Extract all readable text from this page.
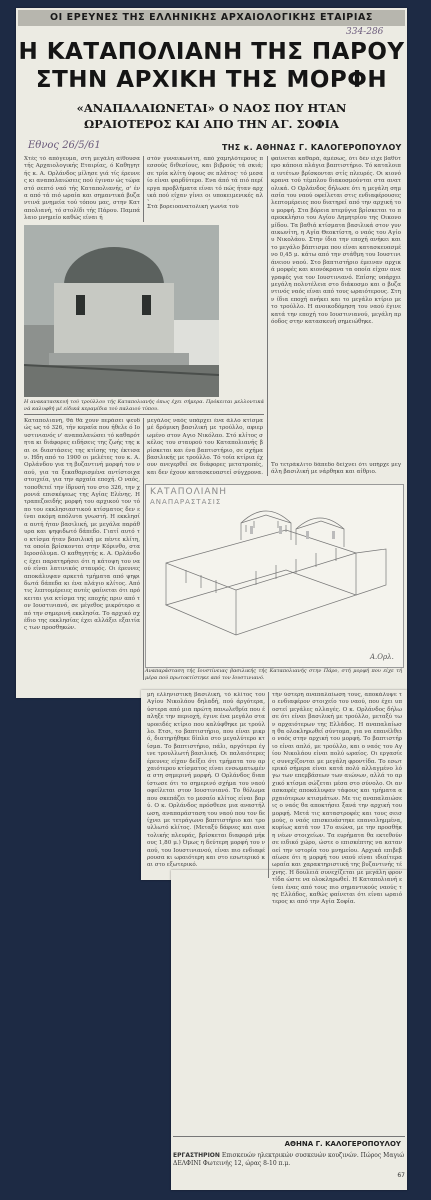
ΟΙ ΕΡΕΥΝΕΣ ΤΗΣ ΕΛΛΗΝΙΚΗΣ ΑΡΧΑΙΟΛΟΓΙΚΗΣ ΕΤΑΙΡΙΑΣ
334-286
Η ΚΑΤΑΠΟΛΙΑΝΗ ΤΗΣ ΠΑΡΟΥ
ΣΤΗΝ ΑΡΧΙΚΗ ΤΗΣ ΜΟΡΦΗ
«ΑΝΑΠΑΛΑΙΩΝΕΤΑΙ» Ο ΝΑΟΣ ΠΟΥ ΗΤΑΝ
ΩΡΑΙΟΤΕΡΟΣ ΚΑΙ ΑΠΟ ΤΗΝ ΑΓ. ΣΟΦΙΑ
Εθνος 26/5/61	ΤΗΣ κ. ΑΘΗΝΑΣ Γ. ΚΑΛΟΓΕΡΟΠΟΥΛΟΥ
Χτές τό απόγευμα, στή μεγάλη αίθουσα τής Αρχαιολογικής Εταιρίας, ό Καθηγητής κ. Α. Ορλάνδος μίλησε γιά τίς έρευνες κι αναπαλαιώσεις πού έγιναν ώς τώρα στό σεπτό ναό τής Καταπολιανής, σ' ένα από τά πιό ωραία και σημαντικά βυζαντινά μνημεία τού τόπου μας, στην Καταπολιανή, τό στολίδι τής Πάρου. Παμπάλαιο μνημείο καθώς είναι ή
στόν γυναικωνίτη, από χαμηλότερους πεσσούς διθεσίους, και βιβρούς τά σκιά; σε τρία κλίτη ύψους σε πλάτος· τό μεσαίο είναι φαρδύτερο. Ενα άπό τά πιό περίεργα προβλήματα είναι τό πώς ήταν αρχικά πού είχαν γίνει οι υποκειμενικές αλ
Στά βορειοανατολική γωνία τού
φαίνεται καθαρά, άμέσως, ότι δέν είχε βαθύτερο κάποια πλάγια βαπτιστήριο. Τό καταλοιπα ιυτέτων βρίσκονται στίς πλευρές. Οι κιονόκρανα τού τέμπλου διακοσμούνται στα ανατολικά. Ο Ορλάνδος δήλωσε ότι η μεγάλη σημασία του ναού οφείλεται στις ενδιαφέρουσες λεπτομέρειες που διατηρεί από την αρχική του μορφή. Στα βόρεια πτερύγια βρίσκεται το παρεκκλήσιο του Αγίου Δημητρίου της Οικονομίδου. Τα βαθιά κτίσματα βασιλικά στον γυναικωνίτη, η Αγία Θεοκτίστη, ο ναός του Αγίου Νικολάου. Στην ίδια την εποχή ανήκει και το μεγάλο βάπτισμα που είναι κατασκευασμένο 0,45 μ. κάτω από την στάθμη του Ιουστινιάνειου ναού. Στο βαπτιστήριο έμειναν αρχικά μορφές και κιονόκρανα τα οποία είχαν αναγραφές για τον Ιουστινιανό. Επίσης υπάρχει μεγάλη πολυτέλεια στο διάκοσμο και ο βυζαντινός ναός είναι από τους ωραιότερους. Στην ίδια εποχή ανήκει και το μεγάλο κτίριο με το τρούλλο. Η ανοικοδόμηση του ναού έγινε κατά την εποχή του Ιουστινιανού, μεγάλη πρόοδος στην κατασκευή σημειώθηκε.
Η ανακατασκευή τού τρούλλου τής Καταπολιανής όπως έχει σήμερα. Πρόκειται μελλοντικά νά καλυφθή μέ είδικά κεραμίδια τού παλαιού τύπου.
Καταπολιανή, θά θά χουν περάσει ψευδώς ως τό 326, τήν κεραία που ήθελε ό Ιουστινιανός ν' αναπαλαιώσει τό καθαρότητα κι διάφορες ειδήσεις της ζωής της και οι διαστάσεις της κτίσης της έκτισαν. Ηδη από το 1900 οι μελέτες του κ. Α. Ορλάνδου για τη βυζαντινή μορφή του ναού, για τα ξεκαθαρισμένα αντίστοιχα στοιχεία, για την αρχαία εποχή. Ο ναός, τοποθετεί την ίδρυσή του στο 326, την χρονιά επισκέψεως της Αγίας Ελένης. Η τραπεζοειδής μορφή του αρχικού τον τόπο του εκκλησιαστικού κτίσματος δεν είναι ακόμη απόλυτα γνωστή. Η εκκλησία αυτή ήταν βασιλική, με μεγάλα παράθυρα και ψηφιδωτό δάπεδο. Γιατί αυτό το κτίσμα ήταν βασιλική με πέντε κλίτη, τα οποία βρίσκονται στην Κόρινθο, στα Ιεροσόλυμα. Ο καθηγητής κ. Α. Ορλάνδος έχει παρατηρήσει ότι η κάτοψη του ναού είναι λατινικός σταυρός. Οι έρευνες αποκάλυψαν αρκετά τμήματα από ψηφιδωτά δάπεδα κι ένα πλάγιο κλίτος. Από τις λεπτομέρειες αυτές φαίνεται ότι πρόκειται για κτίσμα της εποχής πριν από τον Ιουστινιανό, σε μέγεθος μικρότερο από την σημερινή εκκλησία. Το αρχικό σχέδιο της εκκλησίας έχει αλλάξει εξαιτίας των προσθηκών.
μεγάλος ναός υπάρχει ένα άλλο κτίσμα μέ δρόμικη βασιλική με τρούλλο, αφιερωμένο στον Αγιο Νικόλαο. Στό κλίτος σκέλος του σταυρού του Καταπολιανής βρίσκεται και ένα βαπτιστήριο, σε σχήμα βασιλικής με τρούλλο. Τό τοία κτίρια έχουν ανεγερθεί σε διάφορες μετατροπές, και δεν έχουν κατασκευαστεί σύγχρονα.
Το τετράκλιτο δάπεδο δείχνει ότι υπήρχε μεγάλη βασιλική με νάρθηκα και αίθριο.
ΚΑΤΑΠΟΛΙΑΝΗ
ΑΝΑΠΑΡΑΣΤΑΣΙΣ
Α.Ορλ.
Αναπαράσταση τής Ιουστίνειας βασιλικής τής Καταπολιανής στην Πάρο, στή μορφή που είχε τή μέρα πού πρωτοκτίστηκε από τον Ιουστινιανό.
μή ελληνιστική βασιλική, τό κλίτος του Αγίου Νικολάου δηλαδή, πού άργότερα, ύστερα από μια πρώτη πανωλεθρία που έπληξε την περιοχή, έγινε ένα μεγάλο σταυροειδές κτίριο που καλύφθηκε με τρούλλο. Ετσι, το βαπτιστήριο, που είναι μικρό, διατηρήθηκε δίπλα στο μεγαλύτερο κτίσμα. Το βαπτιστήριο, πάλι, αργότερα έγινε τρουλλωτή βασιλική. Οι παλαιότερες έρευνες είχαν δείξει ότι τμήματα του αρχαιότερου κτίσματος είναι ενσωματωμένα στη σημερινή μορφή. Ο Ορλάνδος διαπίστωσε ότι το σημερινό σχήμα του ναού οφείλεται στον Ιουστινιανό. Το θόλωμα που σκεπάζει το μεσαίο κλίτος είναι βαρύ. Ο κ. Ορλάνδος πρόσθεσε μια αναστήλωση, αναπαράσταση του ναού που τον δείχνει με τετράγωνο βαπτιστήριο και τρουλλωτό κλίτος. (Μεταξύ δάφνες και ανατολικής πλευράς, βρίσκεται διαφορά μήκους 1,80 μ.) Όμως η δεύτερη μορφή του ναού, του Ιουστινιανού, είναι πιο ενδιαφέρουσα κι ωραιότερη και στο εσωτερικό και στο εξωτερικό.
τήν ύστερη αναπαλαίωση τους, αποκάλυψε το ενδιαφέρον στοιχείο του ναού, που έχει υποστεί μεγάλες αλλαγές. Ο κ. Ορλάνδος δήλωσε ότι είναι βασιλική με τρούλλο, μεταξύ των αρχαιότερων της Ελλάδος. Η αναπαλαίωση θα ολοκληρωθεί σύντομα, για να επανέλθει ο ναός στην αρχική του μορφή. Το βαπτιστήριο είναι απλό, με τρούλλο, και ο ναός του Αγίου Νικολάου είναι πολύ ωραίος. Οι εργασίες συνεχίζονται με μεγάλη φροντίδα. Το εσωτερικό σήμερα είναι κατά πολύ αλλαγμένο λόγω των επεμβάσεων των αιώνων, αλλά το αρχικό κτίσμα σώζεται μέσα στο σύνολο. Οι ανασκαφές αποκάλυψαν τάφους και τμήματα αρχαιότερων κτισμάτων. Με τις αναπαλαιώσεις ο ναός θα αποκτήσει ξανά την αρχική του μορφή. Μετά τις καταστροφές και τους σεισμούς, ο ναός επισκευάστηκε επανειλημμένα, κυρίως κατά τον 17ο αιώνα, με την προσθήκη νέων στοιχείων. Τα ευρήματα θα εκτεθούν σε ειδικό χώρο, ώστε ο επισκέπτης να κατανοεί την ιστορία του μνημείου. Αρχικά επιβεβαίωσε ότι η μορφή του ναού είναι ιδιαίτερα ωραία και χαρακτηριστική της βυζαντινής τέχνης. Η δουλειά συνεχίζεται με μεγάλη φροντίδα ώστε να ολοκληρωθεί. Η Καταπολιανή είναι ένας από τους πιο σημαντικούς ναούς της Ελλάδος, καθώς φαίνεται ότι είναι ωραιότερος κι από την Αγία Σοφία.
ΑΘΗΝΑ Γ. ΚΑΛΟΓΕΡΟΠΟΥΛΟΥ
ΕΡΓΑΣΤΗΡΙΟΝ Επισκευών ηλεκτρικών συσκευών κουζινών. Πώρος Μαγιώ ΔΕΛΦΙΝΙ Φωτεινής 12, ώρας 8-10 π.μ.
67
